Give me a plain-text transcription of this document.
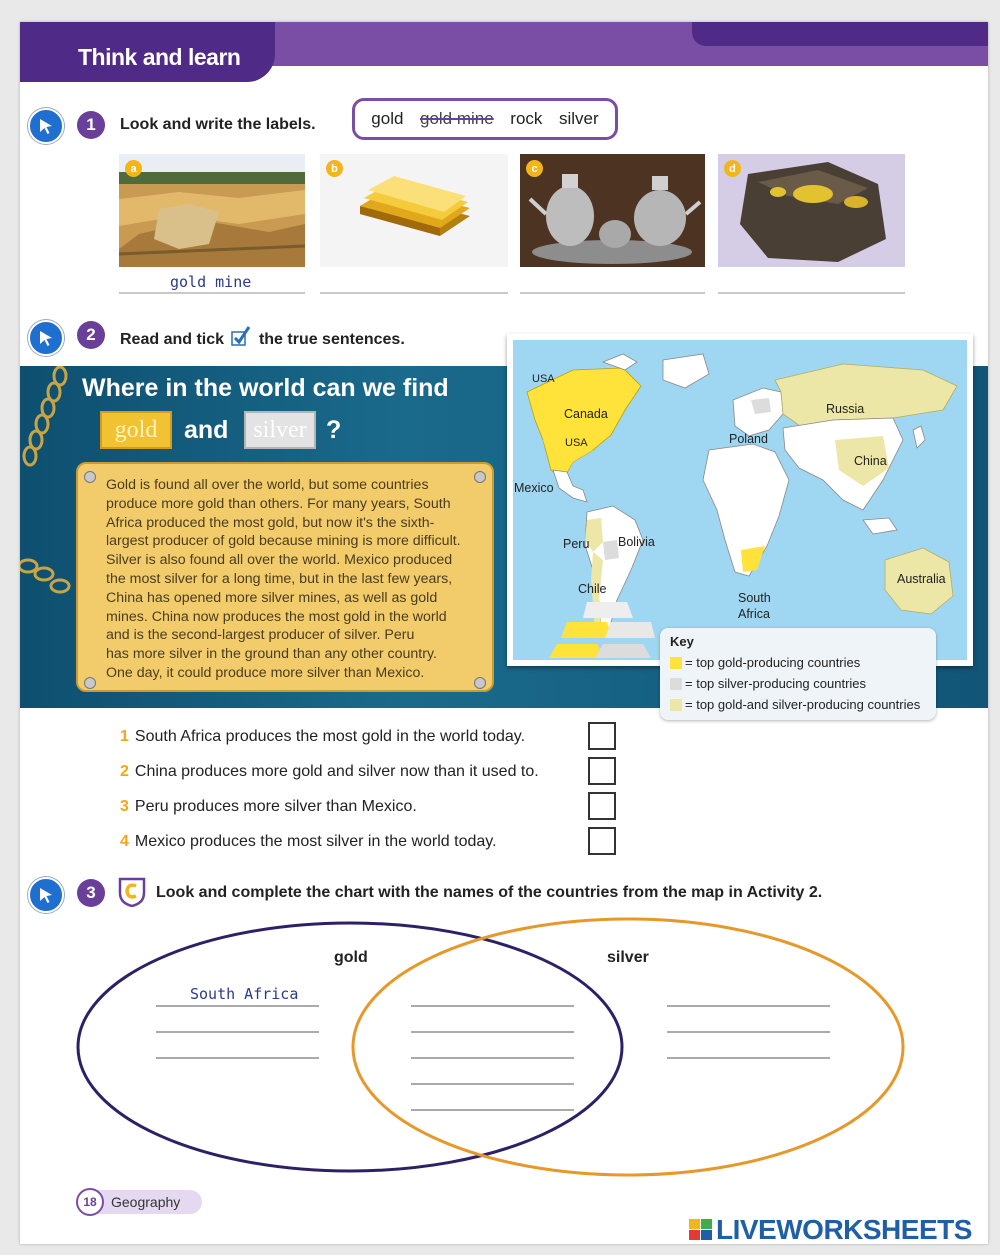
Think and learn
1	Look and write the labels.	gold gold mine rock silver
a	b	c	d
gold mine
2	Read and tick the true sentences.
Where in the world can we find
gold	and	silver ?
Gold is found all over the world, but some countries
produce more gold than others. For many years, South
Africa produced the most gold, but now it's the sixth-
largest producer of gold because mining is more difficult.
Silver is also found all over the world. Mexico produced
the most silver for a long time, but in the last few years,
China has opened more silver mines, as well as gold
mines. China now produces the most gold in the world
and is the second-largest producer of silver. Peru
has more silver in the ground than any other country.
One day, it could produce more silver than Mexico.
USA
Canada
USA
Mexico
Peru Bolivia
Chile
South
Africa
Poland
Russia
China
Australia
Key
= top gold-producing countries
= top silver-producing countries
= top gold-and silver-producing countries
1 South Africa produces the most gold in the world today.
2 China produces more gold and silver now than it used to.
3 Peru produces more silver than Mexico.
4 Mexico produces the most silver in the world today.
3	Look and complete the chart with the names of the countries from the map in Activity 2.
gold	silver
South Africa
18	Geography
LIVEWORKSHEETS
